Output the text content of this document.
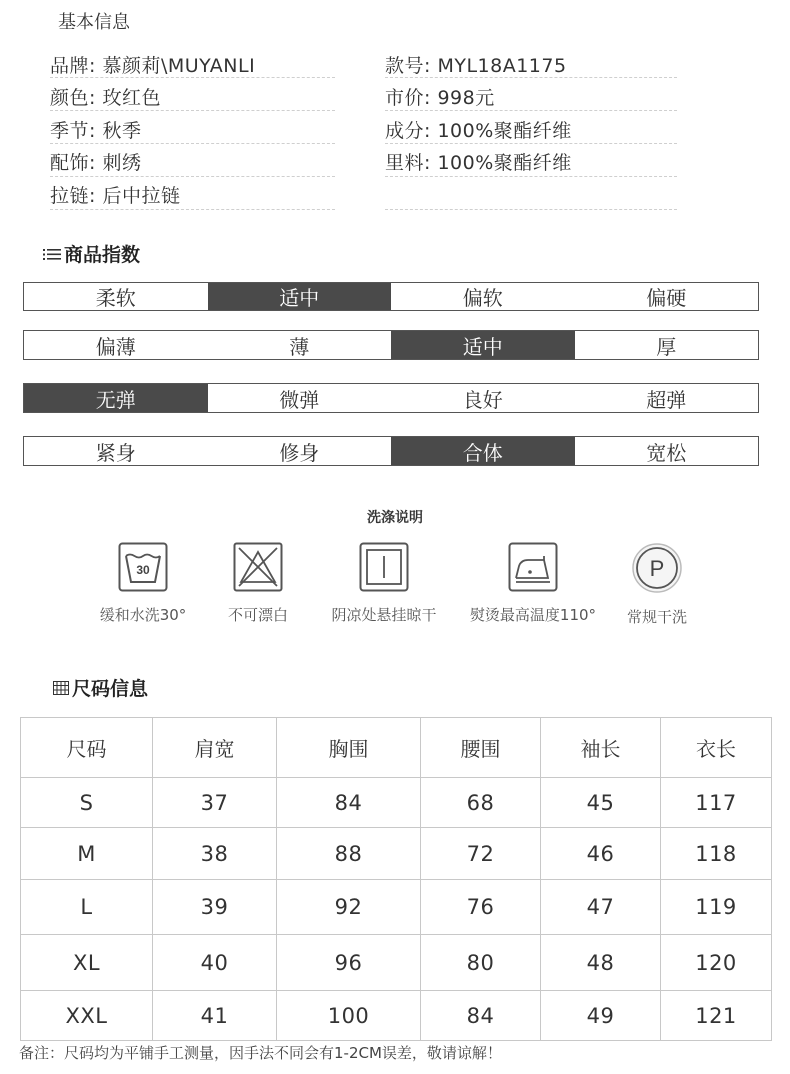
基本信息
品牌: 慕颜莉\MUYANLI	款号: MYL18A1175
颜色: 玫红色	市价: 998元
季节: 秋季	成分: 100%聚酯纤维
配饰: 刺绣	里料: 100%聚酯纤维
拉链: 后中拉链
商品指数
柔软	适中	偏软	偏硬
偏薄	薄	适中	厚
无弹	微弹	良好	超弹
紧身	修身	合体	宽松
洗涤说明
30
缓和水洗30°	不可漂白	阴凉处悬挂晾干	熨烫最高温度110°
P
常规干洗
尺码信息
尺码	肩宽	胸围	腰围	袖长	衣长
S	37	84	68	45	117
M	38	88	72	46	118
L	39	92	76	47	119
XL	40	96	80	48	120
XXL	41	100	84	49	121
备注：尺码均为平铺手工测量，因手法不同会有1-2CM误差，敬请谅解！
